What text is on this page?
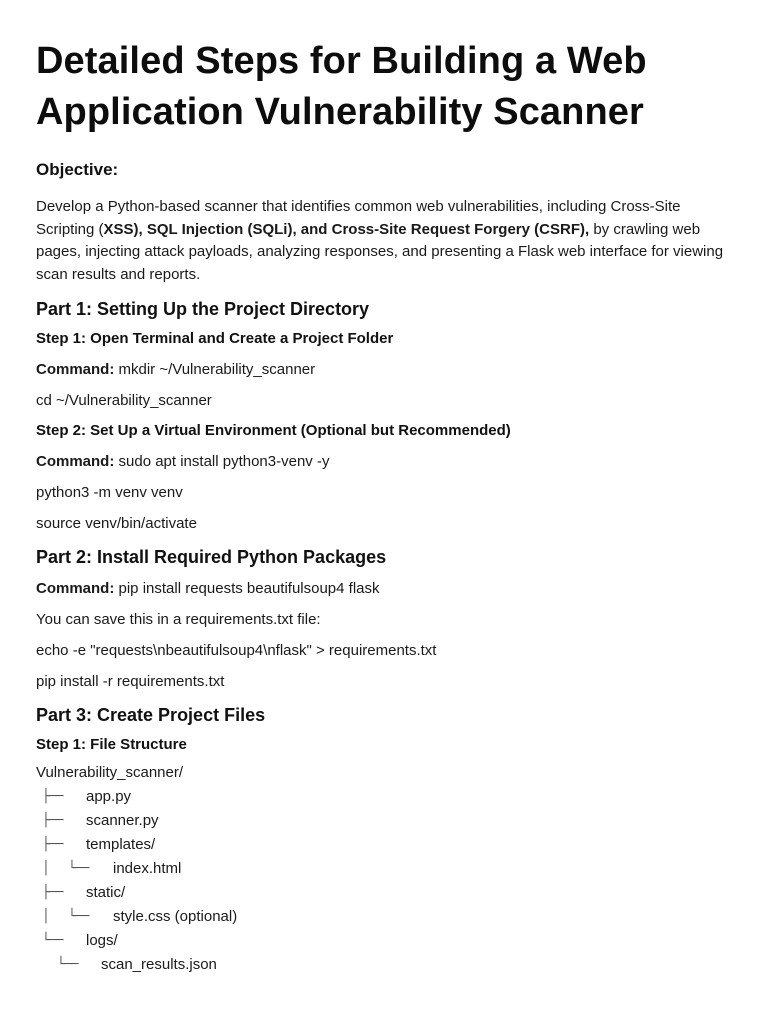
Detailed Steps for Building a Web Application Vulnerability Scanner
Objective:

Develop a Python-based scanner that identifies common web vulnerabilities, including Cross-Site Scripting (XSS), SQL Injection (SQLi), and Cross-Site Request Forgery (CSRF), by crawling web pages, injecting attack payloads, analyzing responses, and presenting a Flask web interface for viewing scan results and reports.

Part 1: Setting Up the Project Directory
Step 1: Open Terminal and Create a Project Folder

Command: mkdir ~/Vulnerability_scanner

cd ~/Vulnerability_scanner

Step 2: Set Up a Virtual Environment (Optional but Recommended)

Command: sudo apt install python3-venv -y

python3 -m venv venv

source venv/bin/activate

Part 2: Install Required Python Packages

Command: pip install requests beautifulsoup4 flask

You can save this in a requirements.txt file:

echo -e "requests\nbeautifulsoup4\nflask" > requirements.txt

pip install -r requirements.txt

Part 3: Create Project Files
Step 1: File Structure
Vulnerability_scanner/
├── app.py
├── scanner.py
├── templates/
│ └── index.html
├── static/
│ └── style.css (optional)
└── logs/
└── scan_results.json
